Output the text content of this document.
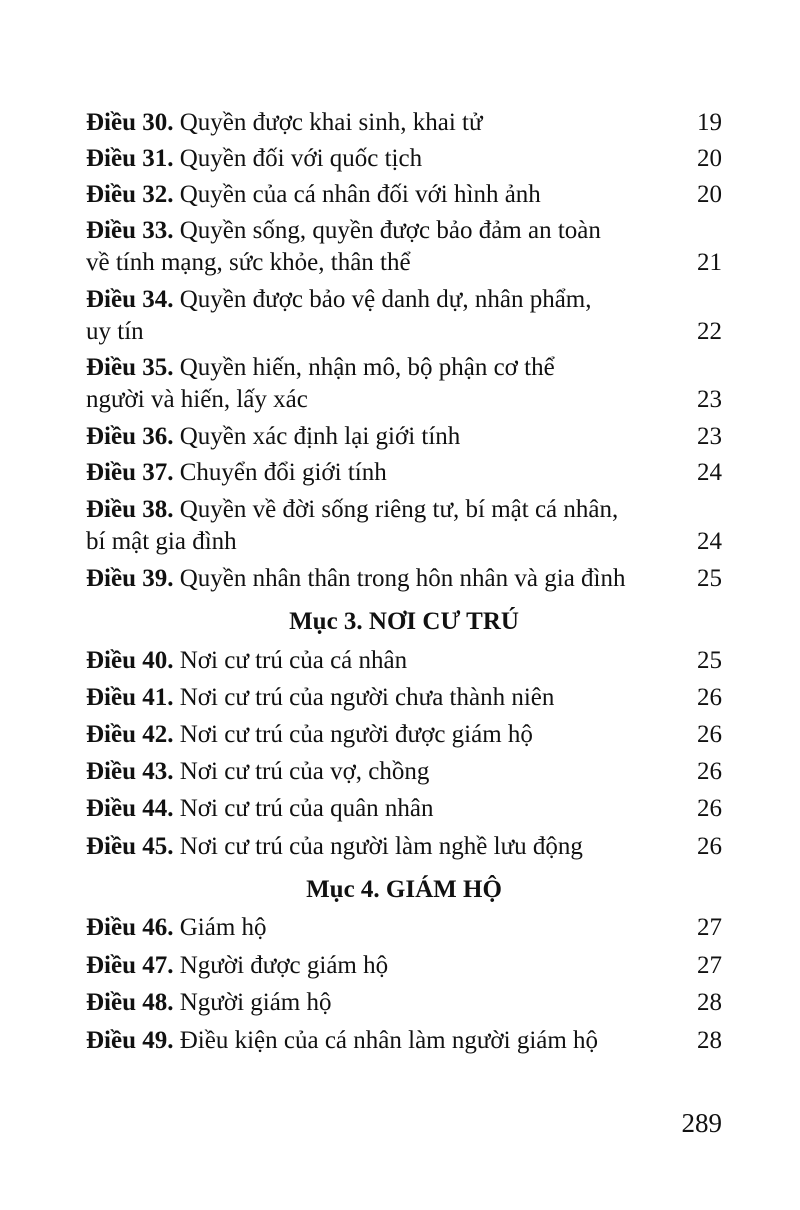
Điều 30. Quyền được khai sinh, khai tử	19
Điều 31. Quyền đối với quốc tịch	20
Điều 32. Quyền của cá nhân đối với hình ảnh	20
Điều 33. Quyền sống, quyền được bảo đảm an toàn
về tính mạng, sức khỏe, thân thể	21
Điều 34. Quyền được bảo vệ danh dự, nhân phẩm,
uy tín	22
Điều 35. Quyền hiến, nhận mô, bộ phận cơ thể
người và hiến, lấy xác	23
Điều 36. Quyền xác định lại giới tính	23
Điều 37. Chuyển đổi giới tính	24
Điều 38. Quyền về đời sống riêng tư, bí mật cá nhân,
bí mật gia đình	24
Điều 39. Quyền nhân thân trong hôn nhân và gia đình	25
Mục 3. NƠI CƯ TRÚ
Điều 40. Nơi cư trú của cá nhân	25
Điều 41. Nơi cư trú của người chưa thành niên	26
Điều 42. Nơi cư trú của người được giám hộ	26
Điều 43. Nơi cư trú của vợ, chồng	26
Điều 44. Nơi cư trú của quân nhân	26
Điều 45. Nơi cư trú của người làm nghề lưu động	26
Mục 4. GIÁM HỘ
Điều 46. Giám hộ	27
Điều 47. Người được giám hộ	27
Điều 48. Người giám hộ	28
Điều 49. Điều kiện của cá nhân làm người giám hộ	28
289
